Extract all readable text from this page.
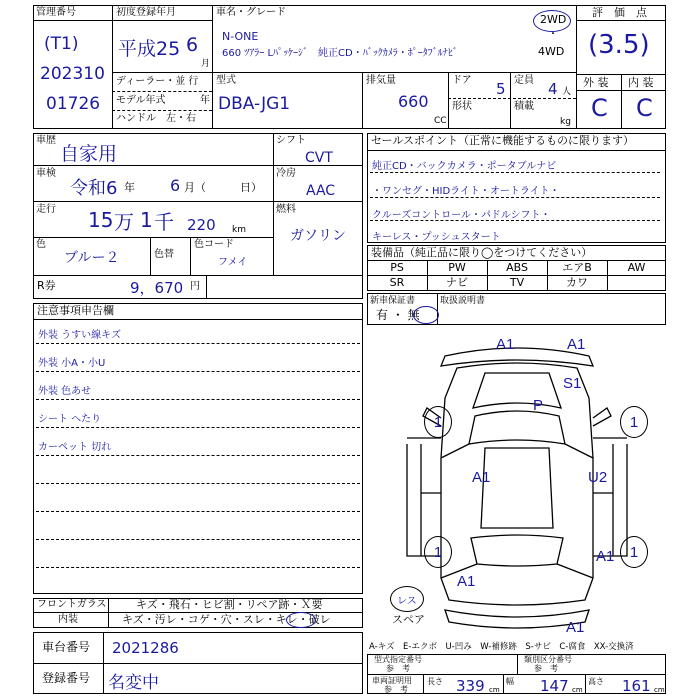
管理番号
(T1)
202310
01726
初度登録年月
平成25 6
月
ディーラー・並 行
モデル年式	年
ハンドル　左・右
車名・グレード
N-ONE
660 ﾂｱﾗｰ Lﾊﾟｯｹｰｼﾞ　純正CD・ﾊﾞｯｸｶﾒﾗ・ﾎﾟｰﾀﾌﾞﾙﾅﾋﾞ
2WD
・
4WD
評　価　点
(3.5)
外 装 内 装
C C
型式
DBA-JG1
排気量
660
CC
ドア 5
形状
定員 4 人
積載
kg
車歴
自家用
車検
令和6 年 6 月（	日）
走行 15 万 1 千 220 km
色
ブルー２	色替
色コード
フメイ
シフト
CVT
冷房
AAC
燃料
ガソリン
R券	9，670 円
セールスポイント（正常に機能するものに限ります）
純正CD・バックカメラ・ポータブルナビ
・ワンセグ・HIDライト・オートライト・
クルーズコントロール・パドルシフト・
キーレス・プッシュスタート
装備品（純正品に限り◯をつけてください）
PS	PW	ABS	エアB	AW
SR	ナビ	TV	カワ
新車保証書
有 ・ 無
取扱説明書
注意事項申告欄
外装 うすい線キズ
外装 小A・小U
外装 色あせ
シート へたり
カーペット 切れ
フロントガラス	キズ・飛石・ヒビ割・リペア跡・Ｘ要
内装	キズ・汚レ・コゲ・穴・スレ・キレ・破レ
車台番号 2021286
登録番号 名変中
A-キズ　E-エクボ　U-凹み　W-補修跡　S-サビ　C-腐食　XX-交換済
型式指定番号
参　考
類別区分番号
参　考
車両証明用
参　考
長さ 339 cm
幅 147 cm
高さ 161 cm
1	1
1	1
A1	A1
S1
P
A1	U2
A1
A1
A1
レス
スペア
